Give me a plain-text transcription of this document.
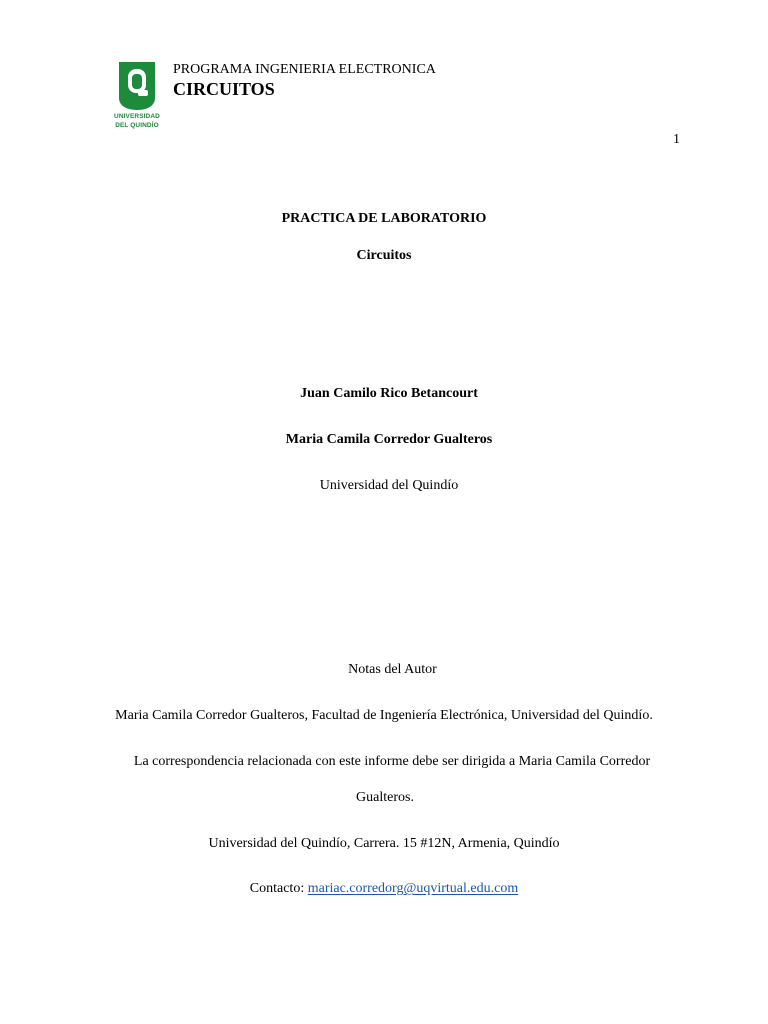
UNIVERSIDAD
DEL QUINDÍO
PROGRAMA INGENIERIA ELECTRONICA
CIRCUITOS
1
PRACTICA DE LABORATORIO
Circuitos
Juan Camilo Rico Betancourt
Maria Camila Corredor Gualteros
Universidad del Quindío
Notas del Autor
Maria Camila Corredor Gualteros, Facultad de Ingeniería Electrónica, Universidad del Quindío.
La correspondencia relacionada con este informe debe ser dirigida a Maria Camila Corredor
Gualteros.
Universidad del Quindío, Carrera. 15 #12N, Armenia, Quindío
Contacto: mariac.corredorg@uqvirtual.edu.com
